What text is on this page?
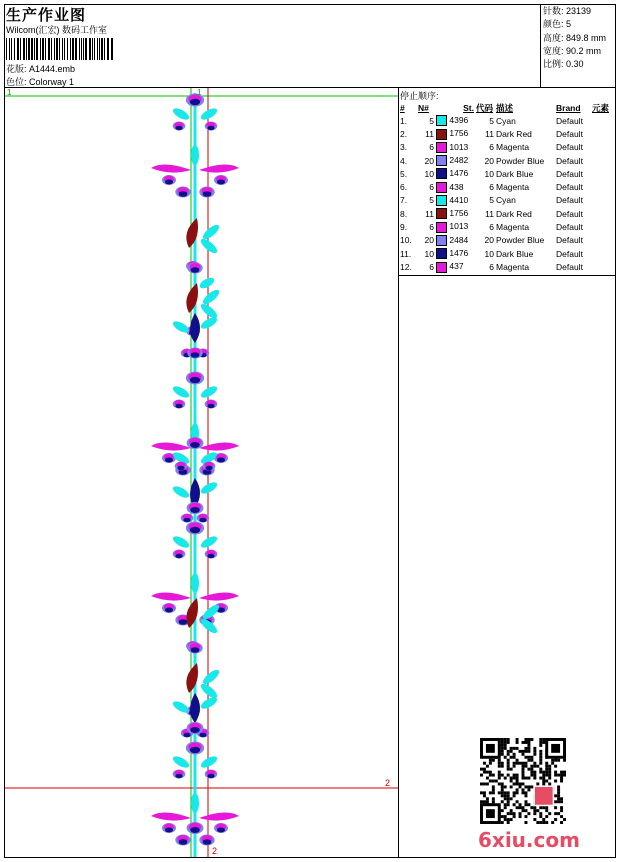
生产作业图
Wilcom(汇宏) 数码工作室
花版: A1444.emb
色位: Colorway 1
针数: 23139
颜色: 5
高度: 849.8 mm
宽度: 90.2 mm
比例: 0.30
1	1
2
2
停止顺序:
#	N#	St.	代码	描述	Brand	元素
1.	5	4396	5	Cyan	Default	
2.	11	1756	11	Dark Red	Default	
3.	6	1013	6	Magenta	Default	
4.	20	2482	20	Powder Blue	Default	
5.	10	1476	10	Dark Blue	Default	
6.	6	438	6	Magenta	Default	
7.	5	4410	5	Cyan	Default	
8.	11	1756	11	Dark Red	Default	
9.	6	1013	6	Magenta	Default	
10.	20	2484	20	Powder Blue	Default	
11.	10	1476	10	Dark Blue	Default	
12.	6	437	6	Magenta	Default	
6xiu.com
